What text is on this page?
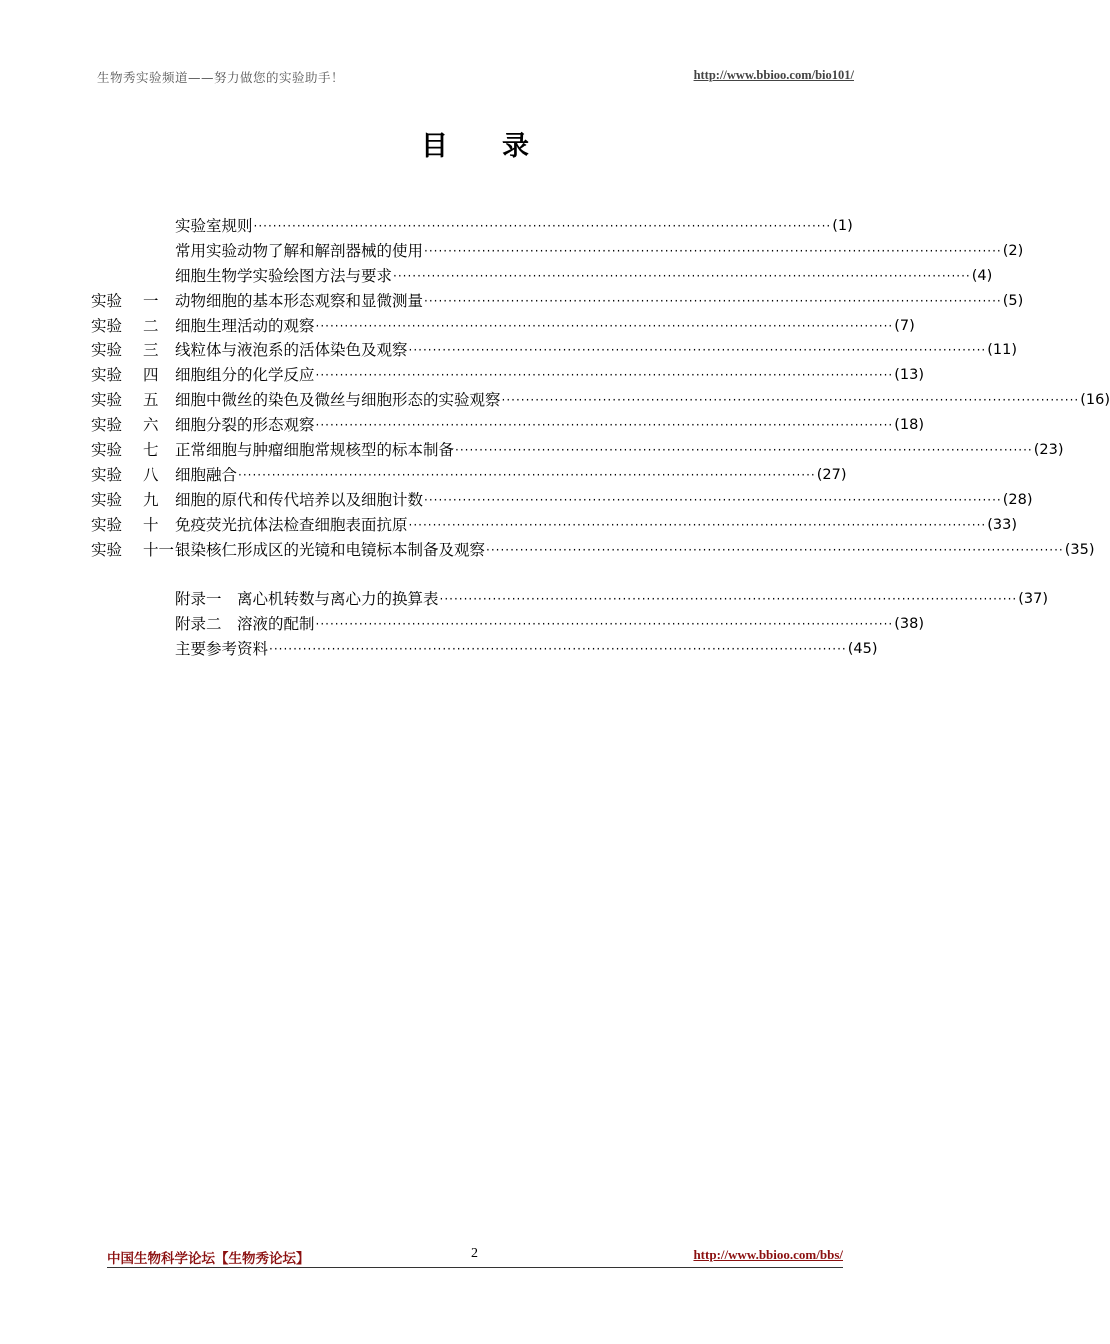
生物秀实验频道——努力做您的实验助手！	http://www.bbioo.com/bio101/
目　　录
实验室规则 ························································································································ (1)
常用实验动物了解和解剖器械的使用 ························································································································ (2)
细胞生物学实验绘图方法与要求 ························································································································ (4)
实验 一 动物细胞的基本形态观察和显微测量 ························································································································ (5)
实验 二 细胞生理活动的观察 ························································································································ (7)
实验 三 线粒体与液泡系的活体染色及观察 ························································································································ (11)
实验 四 细胞组分的化学反应 ························································································································ (13)
实验 五 细胞中微丝的染色及微丝与细胞形态的实验观察 ························································································································ (16)
实验 六 细胞分裂的形态观察 ························································································································ (18)
实验 七 正常细胞与肿瘤细胞常规核型的标本制备 ························································································································ (23)
实验 八 细胞融合 ························································································································ (27)
实验 九 细胞的原代和传代培养以及细胞计数 ························································································································ (28)
实验 十 免疫荧光抗体法检查细胞表面抗原 ························································································································ (33)
实验 十一 银染核仁形成区的光镜和电镜标本制备及观察 ························································································································ (35)
附录一　离心机转数与离心力的换算表 ························································································································ (37)
附录二　溶液的配制 ························································································································ (38)
主要参考资料 ························································································································ (45)
中国生物科学论坛【生物秀论坛】	2	http://www.bbioo.com/bbs/
